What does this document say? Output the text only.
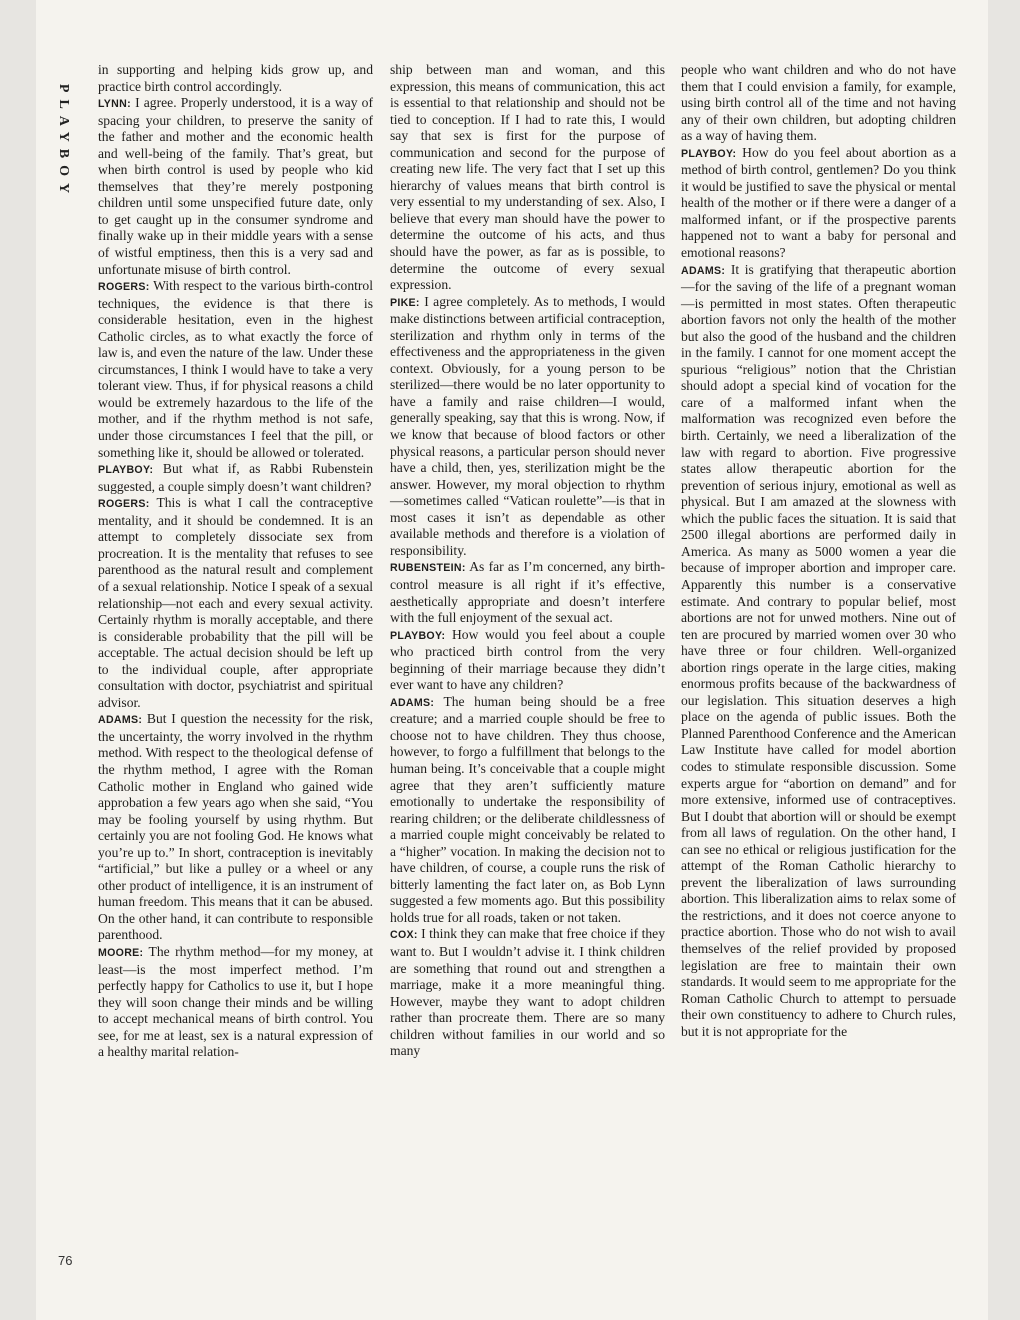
PLAYBOY
76

in supporting and helping kids grow up, and practice birth control accordingly.

LYNN: I agree. Properly understood, it is a way of spacing your children, to preserve the sanity of the father and mother and the economic health and well-being of the family. That’s great, but when birth control is used by people who kid themselves that they’re merely postponing children until some unspecified future date, only to get caught up in the consumer syndrome and finally wake up in their middle years with a sense of wistful emptiness, then this is a very sad and unfortunate misuse of birth control.

ROGERS: With respect to the various birth-control techniques, the evidence is that there is considerable hesitation, even in the highest Catholic circles, as to what exactly the force of law is, and even the nature of the law. Under these circumstances, I think I would have to take a very tolerant view. Thus, if for physical reasons a child would be extremely hazardous to the life of the mother, and if the rhythm method is not safe, under those circumstances I feel that the pill, or something like it, should be allowed or tolerated.

PLAYBOY: But what if, as Rabbi Rubenstein suggested, a couple simply doesn’t want children?

ROGERS: This is what I call the contraceptive mentality, and it should be condemned. It is an attempt to completely dissociate sex from procreation. It is the mentality that refuses to see parenthood as the natural result and complement of a sexual relationship. Notice I speak of a sexual relationship—not each and every sexual activity. Certainly rhythm is morally acceptable, and there is considerable probability that the pill will be acceptable. The actual decision should be left up to the individual couple, after appropriate consultation with doctor, psychiatrist and spiritual advisor.

ADAMS: But I question the necessity for the risk, the uncertainty, the worry involved in the rhythm method. With respect to the theological defense of the rhythm method, I agree with the Roman Catholic mother in England who gained wide approbation a few years ago when she said, “You may be fooling yourself by using rhythm. But certainly you are not fooling God. He knows what you’re up to.” In short, contraception is inevitably “artificial,” but like a pulley or a wheel or any other product of intelligence, it is an instrument of human freedom. This means that it can be abused. On the other hand, it can contribute to responsible parenthood.

MOORE: The rhythm method—for my money, at least—is the most imperfect method. I’m perfectly happy for Catholics to use it, but I hope they will soon change their minds and be willing to accept mechanical means of birth control. You see, for me at least, sex is a natural expression of a healthy marital relation-

ship between man and woman, and this expression, this means of communication, this act is essential to that relationship and should not be tied to conception. If I had to rate this, I would say that sex is first for the purpose of communication and second for the purpose of creating new life. The very fact that I set up this hierarchy of values means that birth control is very essential to my understanding of sex. Also, I believe that every man should have the power to determine the outcome of his acts, and thus should have the power, as far as is possible, to determine the outcome of every sexual expression.

PIKE: I agree completely. As to methods, I would make distinctions between artificial contraception, sterilization and rhythm only in terms of the effectiveness and the appropriateness in the given context. Obviously, for a young person to be sterilized—there would be no later opportunity to have a family and raise children—I would, generally speaking, say that this is wrong. Now, if we know that because of blood factors or other physical reasons, a particular person should never have a child, then, yes, sterilization might be the answer. However, my moral objection to rhythm—sometimes called “Vatican roulette”—is that in most cases it isn’t as dependable as other available methods and therefore is a violation of responsibility.

RUBENSTEIN: As far as I’m concerned, any birth-control measure is all right if it’s effective, aesthetically appropriate and doesn’t interfere with the full enjoyment of the sexual act.

PLAYBOY: How would you feel about a couple who practiced birth control from the very beginning of their marriage because they didn’t ever want to have any children?

ADAMS: The human being should be a free creature; and a married couple should be free to choose not to have children. They thus choose, however, to forgo a fulfillment that belongs to the human being. It’s conceivable that a couple might agree that they aren’t sufficiently mature emotionally to undertake the responsibility of rearing children; or the deliberate childlessness of a married couple might conceivably be related to a “higher” vocation. In making the decision not to have children, of course, a couple runs the risk of bitterly lamenting the fact later on, as Bob Lynn suggested a few moments ago. But this possibility holds true for all roads, taken or not taken.

COX: I think they can make that free choice if they want to. But I wouldn’t advise it. I think children are something that round out and strengthen a marriage, make it a more meaningful thing. However, maybe they want to adopt children rather than procreate them. There are so many children without families in our world and so many

people who want children and who do not have them that I could envision a family, for example, using birth control all of the time and not having any of their own children, but adopting children as a way of having them.

PLAYBOY: How do you feel about abortion as a method of birth control, gentlemen? Do you think it would be justified to save the physical or mental health of the mother or if there were a danger of a malformed infant, or if the prospective parents happened not to want a baby for personal and emotional reasons?

ADAMS: It is gratifying that therapeutic abortion—for the saving of the life of a pregnant woman—is permitted in most states. Often therapeutic abortion favors not only the health of the mother but also the good of the husband and the children in the family. I cannot for one moment accept the spurious “religious” notion that the Christian should adopt a special kind of vocation for the care of a malformed infant when the malformation was recognized even before the birth. Certainly, we need a liberalization of the law with regard to abortion. Five progressive states allow therapeutic abortion for the prevention of serious injury, emotional as well as physical. But I am amazed at the slowness with which the public faces the situation. It is said that 2500 illegal abortions are performed daily in America. As many as 5000 women a year die because of improper abortion and improper care. Apparently this number is a conservative estimate. And contrary to popular belief, most abortions are not for unwed mothers. Nine out of ten are procured by married women over 30 who have three or four children. Well-organized abortion rings operate in the large cities, making enormous profits because of the backwardness of our legislation. This situation deserves a high place on the agenda of public issues. Both the Planned Parenthood Conference and the American Law Institute have called for model abortion codes to stimulate responsible discussion. Some experts argue for “abortion on demand” and for more extensive, informed use of contraceptives. But I doubt that abortion will or should be exempt from all laws of regulation. On the other hand, I can see no ethical or religious justification for the attempt of the Roman Catholic hierarchy to prevent the liberalization of laws surrounding abortion. This liberalization aims to relax some of the restrictions, and it does not coerce anyone to practice abortion. Those who do not wish to avail themselves of the relief provided by proposed legislation are free to maintain their own standards. It would seem to me appropriate for the Roman Catholic Church to attempt to persuade their own constituency to adhere to Church rules, but it is not appropriate for the
